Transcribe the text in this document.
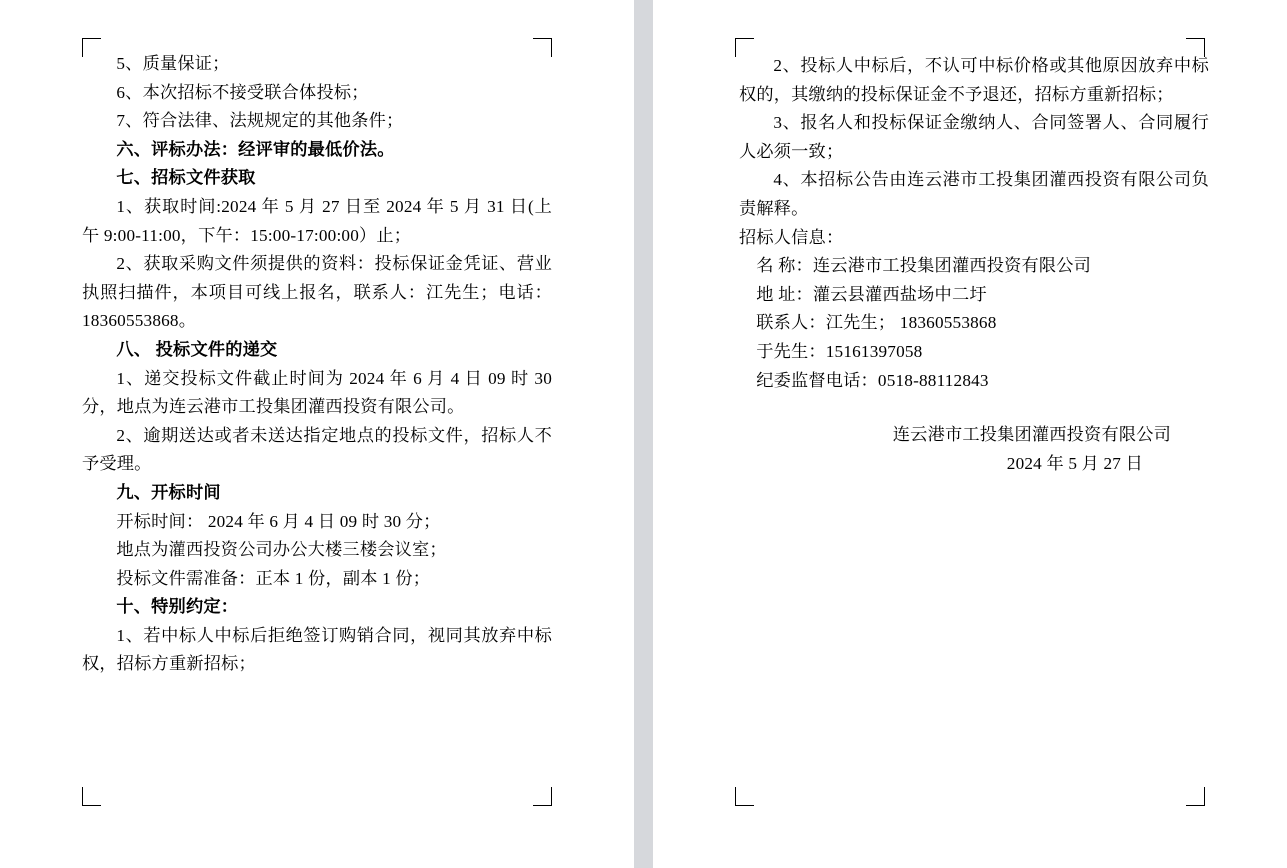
5、质量保证；

6、本次招标不接受联合体投标；

7、符合法律、法规规定的其他条件；

六、评标办法：经评审的最低价法。

七、招标文件获取

1、获取时间:2024 年 5 月 27 日至 2024 年 5 月 31 日(上午 9:00-11:00，下午：15:00-17:00:00）止；

2、获取采购文件须提供的资料：投标保证金凭证、营业执照扫描件，本项目可线上报名，联系人：江先生；电话：18360553868。

八、 投标文件的递交

1、递交投标文件截止时间为 2024 年 6 月 4 日 09 时 30 分，地点为连云港市工投集团灌西投资有限公司。

2、逾期送达或者未送达指定地点的投标文件，招标人不予受理。

九、开标时间

开标时间： 2024 年 6 月 4 日 09 时 30 分；

地点为灌西投资公司办公大楼三楼会议室；

投标文件需准备：正本 1 份，副本 1 份；

十、特别约定：

1、若中标人中标后拒绝签订购销合同，视同其放弃中标权，招标方重新招标；

2、投标人中标后，不认可中标价格或其他原因放弃中标权的，其缴纳的投标保证金不予退还，招标方重新招标；

3、报名人和投标保证金缴纳人、合同签署人、合同履行人必须一致；

4、本招标公告由连云港市工投集团灌西投资有限公司负责解释。

招标人信息：

名 称：连云港市工投集团灌西投资有限公司

地 址：灌云县灌西盐场中二圩

联系人：江先生； 18360553868

于先生：15161397058

纪委监督电话：0518-88112843

连云港市工投集团灌西投资有限公司

2024 年 5 月 27 日
